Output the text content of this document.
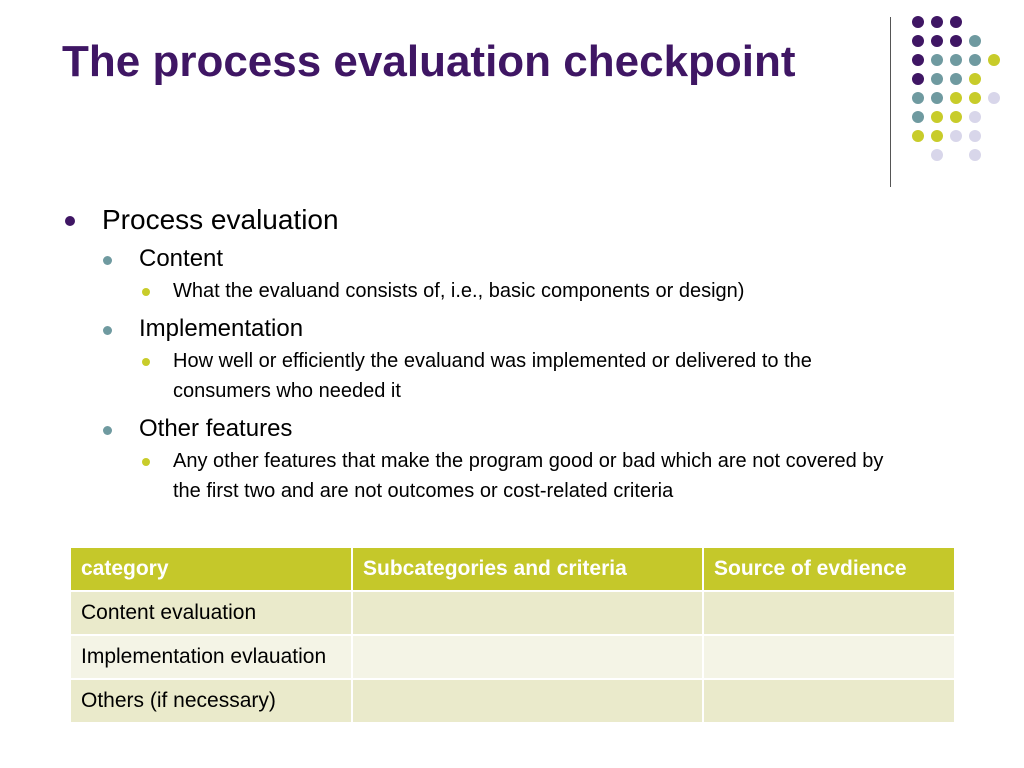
The process evaluation checkpoint
Process evaluation
Content
What the evaluand consists of, i.e., basic components or design)
Implementation
How well or efficiently the evaluand was implemented or delivered to the consumers who needed it
Other features
Any other features that make the program good or bad which are not covered by the first two and are not outcomes or cost-related criteria
category	Subcategories and criteria	Source of evdience
Content evaluation		
Implementation evlauation		
Others (if necessary)		
